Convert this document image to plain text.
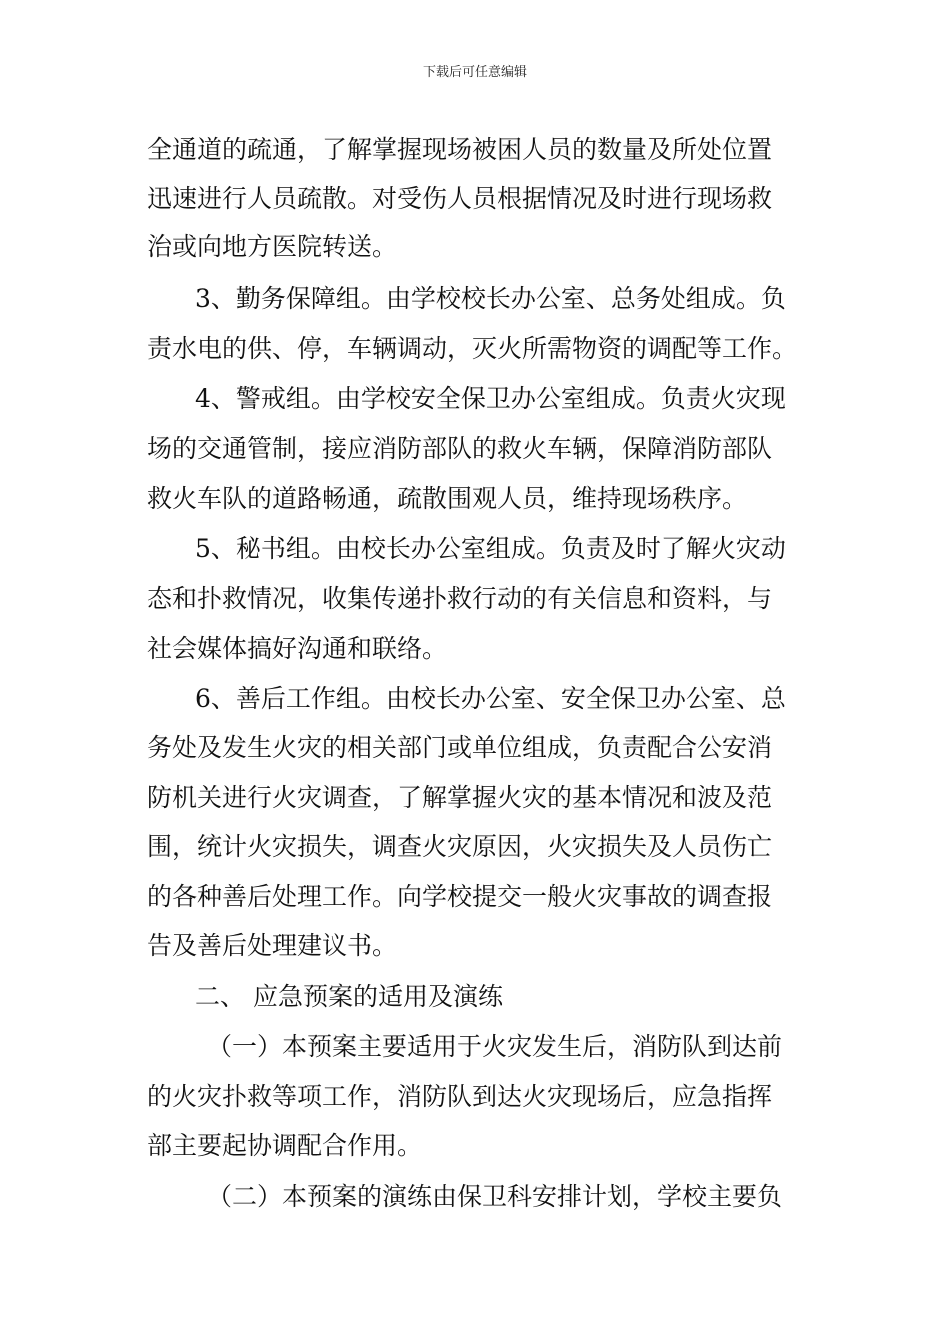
下载后可任意编辑
全通道的疏通，了解掌握现场被困人员的数量及所处位置
迅速进行人员疏散。对受伤人员根据情况及时进行现场救
治或向地方医院转送。
3、勤务保障组。由学校校长办公室、总务处组成。负
责水电的供、停，车辆调动，灭火所需物资的调配等工作。
4、警戒组。由学校安全保卫办公室组成。负责火灾现
场的交通管制，接应消防部队的救火车辆，保障消防部队
救火车队的道路畅通，疏散围观人员，维持现场秩序。
5、秘书组。由校长办公室组成。负责及时了解火灾动
态和扑救情况，收集传递扑救行动的有关信息和资料，与
社会媒体搞好沟通和联络。
6、善后工作组。由校长办公室、安全保卫办公室、总
务处及发生火灾的相关部门或单位组成，负责配合公安消
防机关进行火灾调查，了解掌握火灾的基本情况和波及范
围，统计火灾损失，调查火灾原因，火灾损失及人员伤亡
的各种善后处理工作。向学校提交一般火灾事故的调查报
告及善后处理建议书。
二、 应急预案的适用及演练
（一）本预案主要适用于火灾发生后，消防队到达前
的火灾扑救等项工作，消防队到达火灾现场后，应急指挥
部主要起协调配合作用。
（二）本预案的演练由保卫科安排计划，学校主要负
